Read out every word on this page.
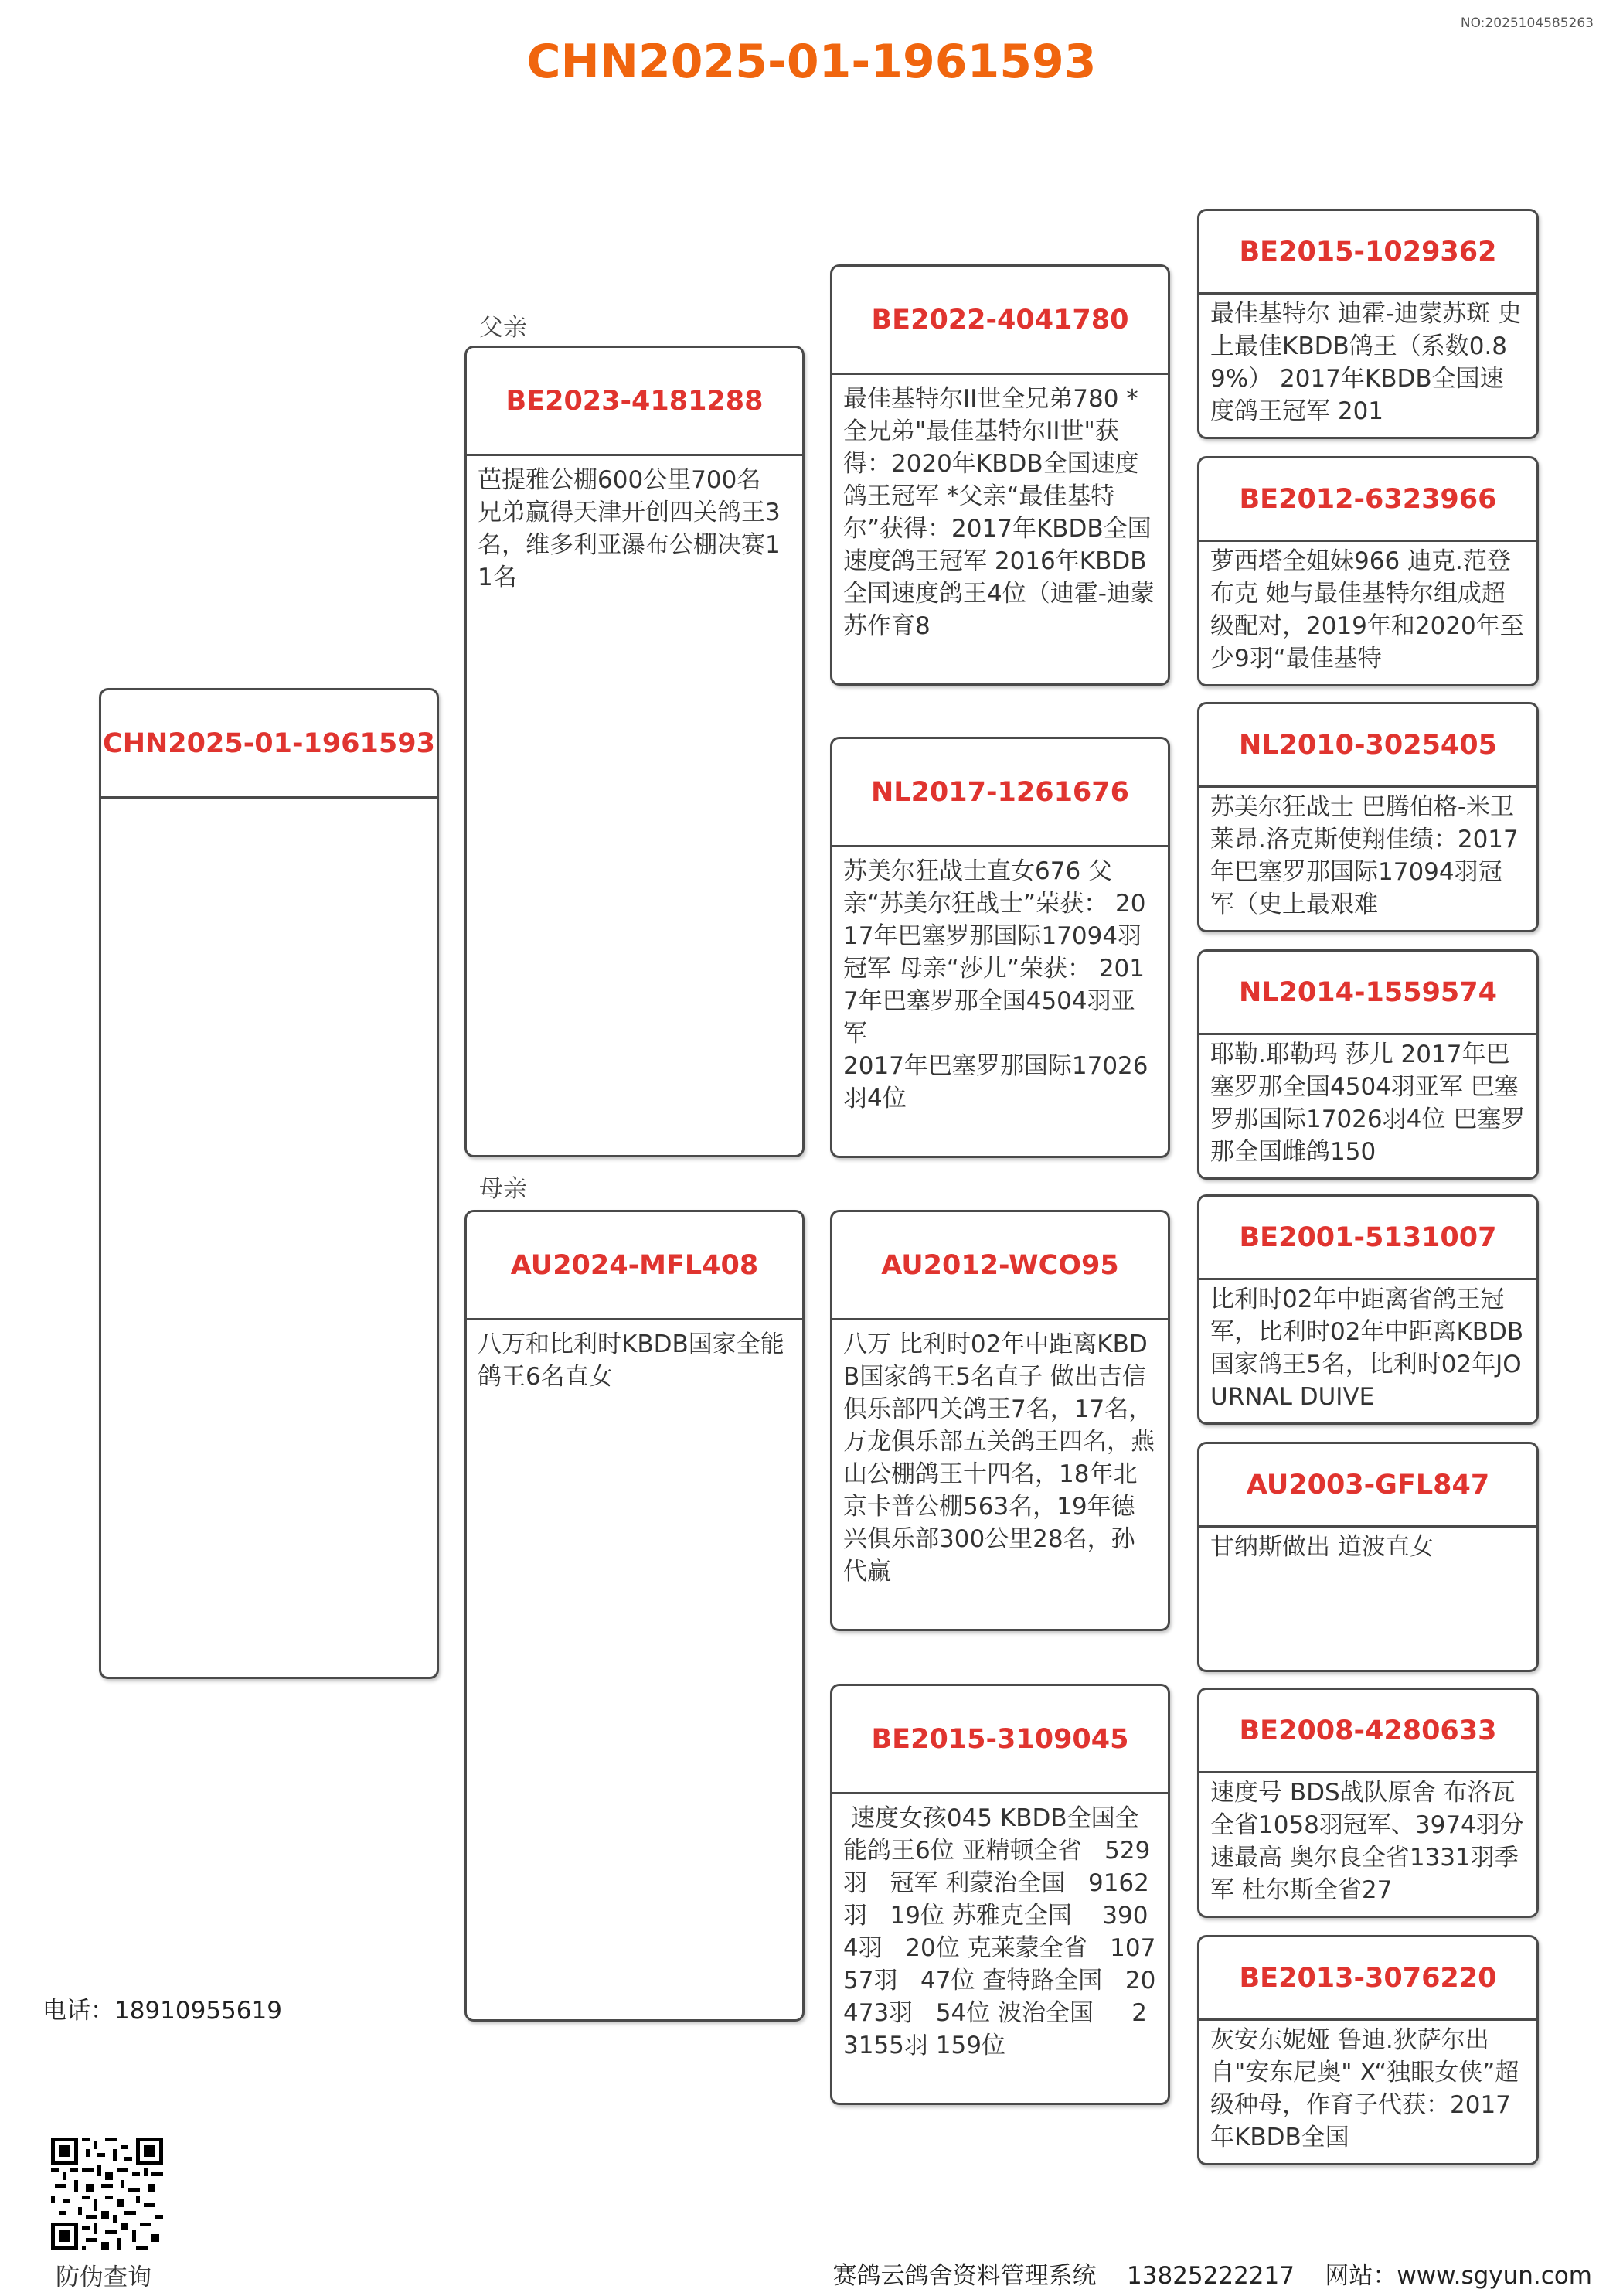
NO:2025104585263
CHN2025-01-1961593
父亲
母亲
CHN2025-01-1961593
BE2023-4181288
芭提雅公棚600公里700名 兄弟赢得天津开创四关鸽王3名，维多利亚瀑布公棚决赛11名
AU2024-MFL408
八万和比利时KBDB国家全能鸽王6名直女
BE2022-4041780
最佳基特尔II世全兄弟780 *全兄弟"最佳基特尔II世"获得：2020年KBDB全国速度鸽王冠军 *父亲“最佳基特尔”获得：2017年KBDB全国速度鸽王冠军 2016年KBDB全国速度鸽王4位（迪霍-迪蒙苏作育8
NL2017-1261676
苏美尔狂战士直女676 父亲“苏美尔狂战士”荣获： 2017年巴塞罗那国际17094羽冠军 母亲“莎儿”荣获： 2017年巴塞罗那全国4504羽亚军
2017年巴塞罗那国际17026羽4位
AU2012-WCO95
八万 比利时02年中距离KBDB国家鸽王5名直子 做出吉信俱乐部四关鸽王7名，17名，万龙俱乐部五关鸽王四名，燕山公棚鸽王十四名，18年北京卡普公棚563名，19年德兴俱乐部300公里28名，孙代赢
BE2015-3109045
速度女孩045 KBDB全国全能鸽王6位 亚精顿全省   529羽   冠军 利蒙治全国   9162羽   19位 苏雅克全国    3904羽   20位 克莱蒙全省   10757羽   47位 查特路全国   20473羽   54位 波治全国     23155羽 159位
BE2015-1029362
最佳基特尔 迪霍-迪蒙苏斑 史上最佳KBDB鸽王（系数0.89%） 2017年KBDB全国速度鸽王冠军 201
BE2012-6323966
萝西塔全姐妹966 迪克.范登布克 她与最佳基特尔组成超级配对，2019年和2020年至少9羽“最佳基特
NL2010-3025405
苏美尔狂战士 巴腾伯格-米卫 莱昂.洛克斯使翔佳绩：2017年巴塞罗那国际17094羽冠军（史上最艰难
NL2014-1559574
耶勒.耶勒玛 莎儿 2017年巴塞罗那全国4504羽亚军 巴塞罗那国际17026羽4位 巴塞罗那全国雌鸽150
BE2001-5131007
比利时02年中距离省鸽王冠军，比利时02年中距离KBDB国家鸽王5名，比利时02年JOURNAL DUIVE
AU2003-GFL847
甘纳斯做出 道波直女
BE2008-4280633
速度号 BDS战队原舍 布洛瓦全省1058羽冠军、3974羽分速最高 奥尔良全省1331羽季军 杜尔斯全省27
BE2013-3076220
灰安东妮娅 鲁迪.狄萨尔出自"安东尼奥" X“独眼女侠”超级种母，作育子代获：2017年KBDB全国
电话：18910955619
防伪查询	赛鸽云鸽舍资料管理系统    13825222217    网站：www.sgyun.com
